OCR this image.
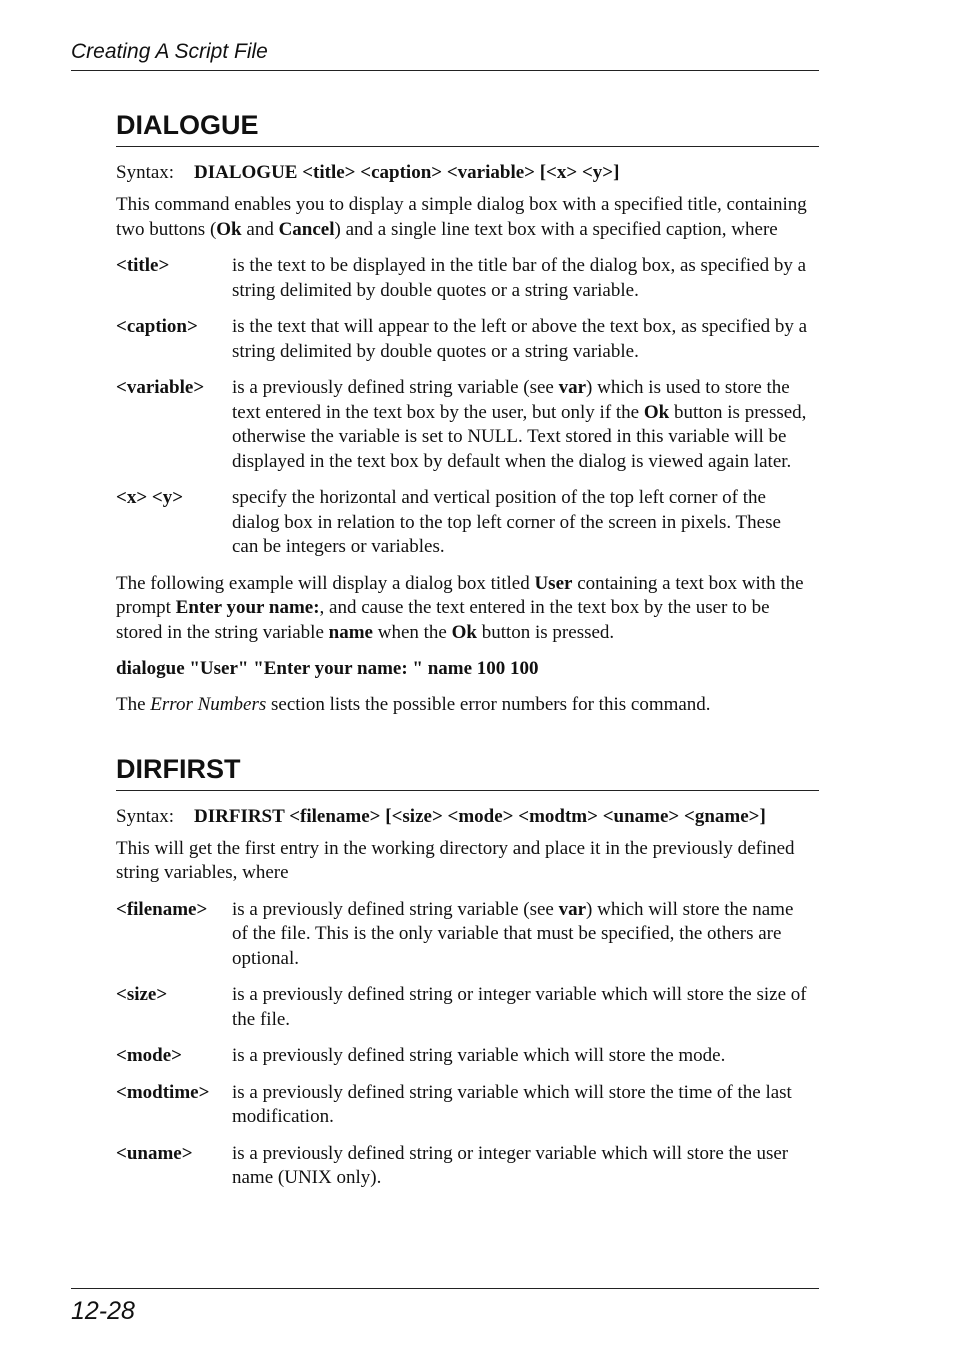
Creating A Script File
DIALOGUE
Syntax: DIALOGUE <title> <caption> <variable> [<x> <y>]

This command enables you to display a simple dialog box with a specified title, containing two buttons (Ok and Cancel) and a single line text box with a specified caption, where

<title>	is the text to be displayed in the title bar of the dialog box, as specified by a string delimited by double quotes or a string variable.
<caption>	is the text that will appear to the left or above the text box, as specified by a string delimited by double quotes or a string variable.
<variable>	is a previously defined string variable (see var) which is used to store the text entered in the text box by the user, but only if the Ok button is pressed, otherwise the variable is set to NULL. Text stored in this variable will be displayed in the text box by default when the dialog is viewed again later.
<x> <y>	specify the horizontal and vertical position of the top left corner of the dialog box in relation to the top left corner of the screen in pixels. These can be integers or variables.

The following example will display a dialog box titled User containing a text box with the prompt Enter your name:, and cause the text entered in the text box by the user to be stored in the string variable name when the Ok button is pressed.

dialogue "User" "Enter your name: " name 100 100

The Error Numbers section lists the possible error numbers for this command.

DIRFIRST
Syntax: DIRFIRST <filename> [<size> <mode> <modtm> <uname> <gname>]

This will get the first entry in the working directory and place it in the previously defined string variables, where

<filename>	is a previously defined string variable (see var) which will store the name of the file. This is the only variable that must be specified, the others are optional.
<size>	is a previously defined string or integer variable which will store the size of the file.
<mode>	is a previously defined string variable which will store the mode.
<modtime>	is a previously defined string variable which will store the time of the last modification.
<uname>	is a previously defined string or integer variable which will store the user name (UNIX only).
12-28
